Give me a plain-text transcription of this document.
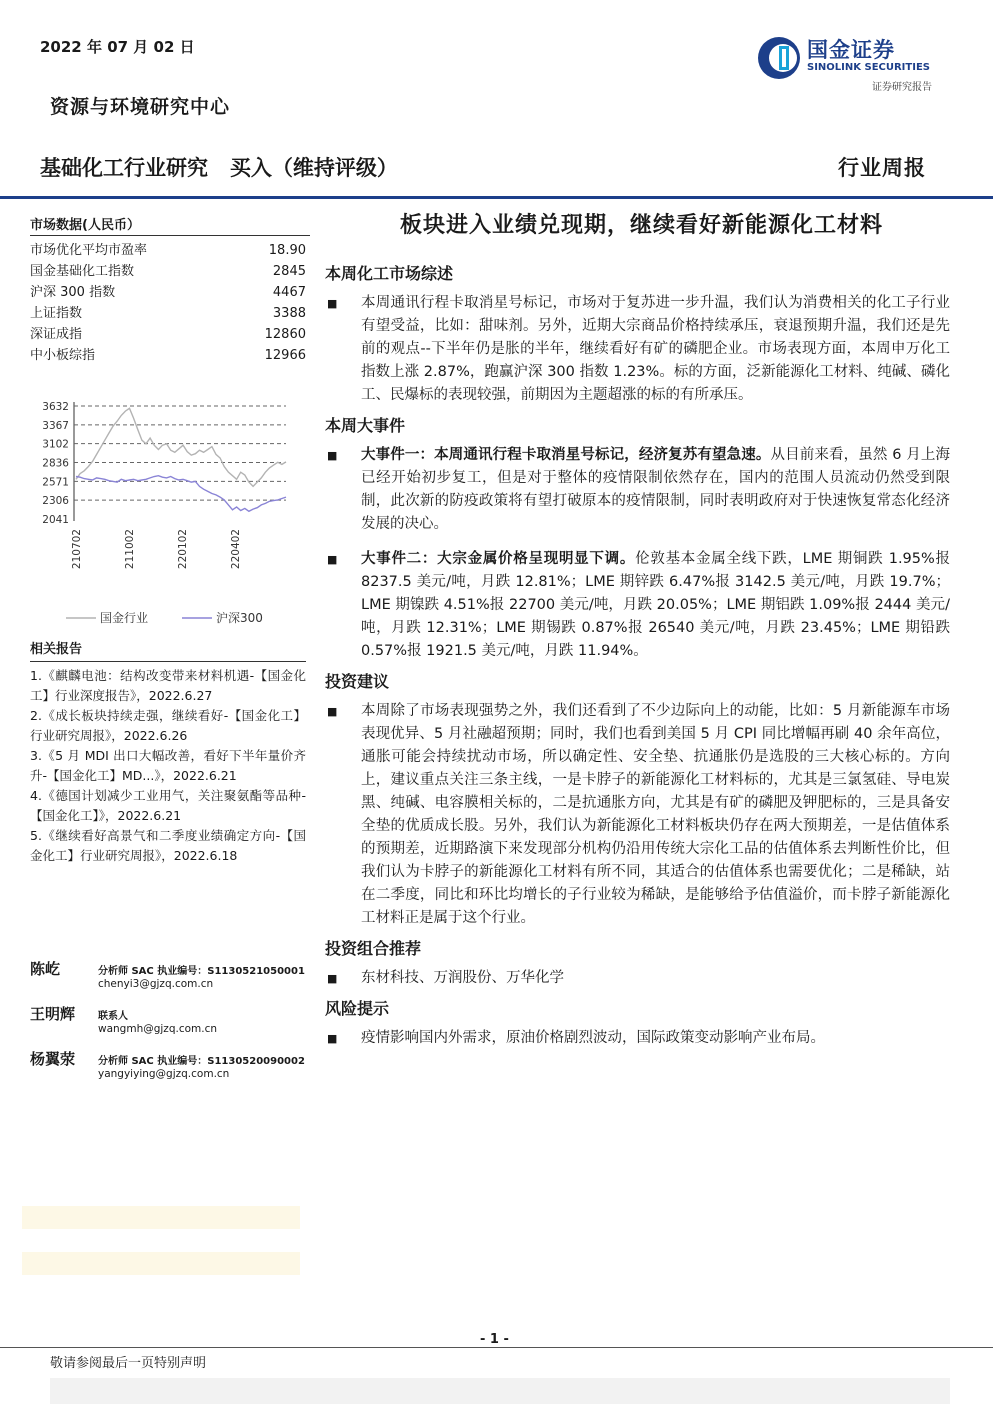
2022 年 07 月 02 日
资源与环境研究中心
国金证券
SINOLINK SECURITIES
证券研究报告
基础化工行业研究   买入（维持评级）	行业周报
市场数据(人民币）
市场优化平均市盈率	18.90
国金基础化工指数	2845
沪深 300 指数	4467
上证指数	3388
深证成指	12860
中小板综指	12966
3632
3367
3102
2836
2571
2306
2041
210702	211002	220102	220402
国金行业	沪深300
相关报告
1.《麒麟电池：结构改变带来材料机遇-【国金化工】行业深度报告》，2022.6.27
2.《成长板块持续走强，继续看好-【国金化工】行业研究周报》，2022.6.26
3.《5 月 MDI 出口大幅改善，看好下半年量价齐升-【国金化工】MD...》，2022.6.21
4.《德国计划减少工业用气，关注聚氨酯等品种-【国金化工】》，2022.6.21
5.《继续看好高景气和二季度业绩确定方向-【国金化工】行业研究周报》，2022.6.18
陈屹	分析师 SAC 执业编号：S1130521050001
chenyi3@gjzq.com.cn
王明辉 联系人
wangmh@gjzq.com.cn
杨翼荥 分析师 SAC 执业编号：S1130520090002
yangyiying@gjzq.com.cn
板块进入业绩兑现期，继续看好新能源化工材料
本周化工市场综述
■ 本周通讯行程卡取消星号标记，市场对于复苏进一步升温，我们认为消费相关的化工子行业有望受益，比如：甜味剂。另外，近期大宗商品价格持续承压，衰退预期升温，我们还是先前的观点--下半年仍是胀的半年，继续看好有矿的磷肥企业。市场表现方面，本周申万化工指数上涨 2.87%，跑赢沪深 300 指数 1.23%。标的方面，泛新能源化工材料、纯碱、磷化工、民爆标的表现较强，前期因为主题超涨的标的有所承压。
本周大事件
■ 大事件一：本周通讯行程卡取消星号标记，经济复苏有望急速。从目前来看，虽然 6 月上海已经开始初步复工，但是对于整体的疫情限制依然存在，国内的范围人员流动仍然受到限制，此次新的防疫政策将有望打破原本的疫情限制，同时表明政府对于快速恢复常态化经济发展的决心。
■ 大事件二：大宗金属价格呈现明显下调。伦敦基本金属全线下跌，LME 期铜跌 1.95%报 8237.5 美元/吨，月跌 12.81%；LME 期锌跌 6.47%报 3142.5 美元/吨，月跌 19.7%；LME 期镍跌 4.51%报 22700 美元/吨，月跌 20.05%；LME 期铝跌 1.09%报 2444 美元/吨，月跌 12.31%；LME 期锡跌 0.87%报 26540 美元/吨，月跌 23.45%；LME 期铅跌 0.57%报 1921.5 美元/吨，月跌 11.94%。
投资建议
■ 本周除了市场表现强势之外，我们还看到了不少边际向上的动能，比如：5 月新能源车市场表现优异、5 月社融超预期；同时，我们也看到美国 5 月 CPI 同比增幅再刷 40 余年高位，通胀可能会持续扰动市场，所以确定性、安全垫、抗通胀仍是选股的三大核心标的。方向上，建议重点关注三条主线，一是卡脖子的新能源化工材料标的，尤其是三氯氢硅、导电炭黑、纯碱、电容膜相关标的，二是抗通胀方向，尤其是有矿的磷肥及钾肥标的，三是具备安全垫的优质成长股。另外，我们认为新能源化工材料板块仍存在两大预期差，一是估值体系的预期差，近期路演下来发现部分机构仍沿用传统大宗化工品的估值体系去判断性价比，但我们认为卡脖子的新能源化工材料有所不同，其适合的估值体系也需要优化；二是稀缺，站在二季度，同比和环比均增长的子行业较为稀缺，是能够给予估值溢价，而卡脖子新能源化工材料正是属于这个行业。
投资组合推荐
■ 东材科技、万润股份、万华化学
风险提示
■ 疫情影响国内外需求，原油价格剧烈波动，国际政策变动影响产业布局。
- 1 -
敬请参阅最后一页特别声明
